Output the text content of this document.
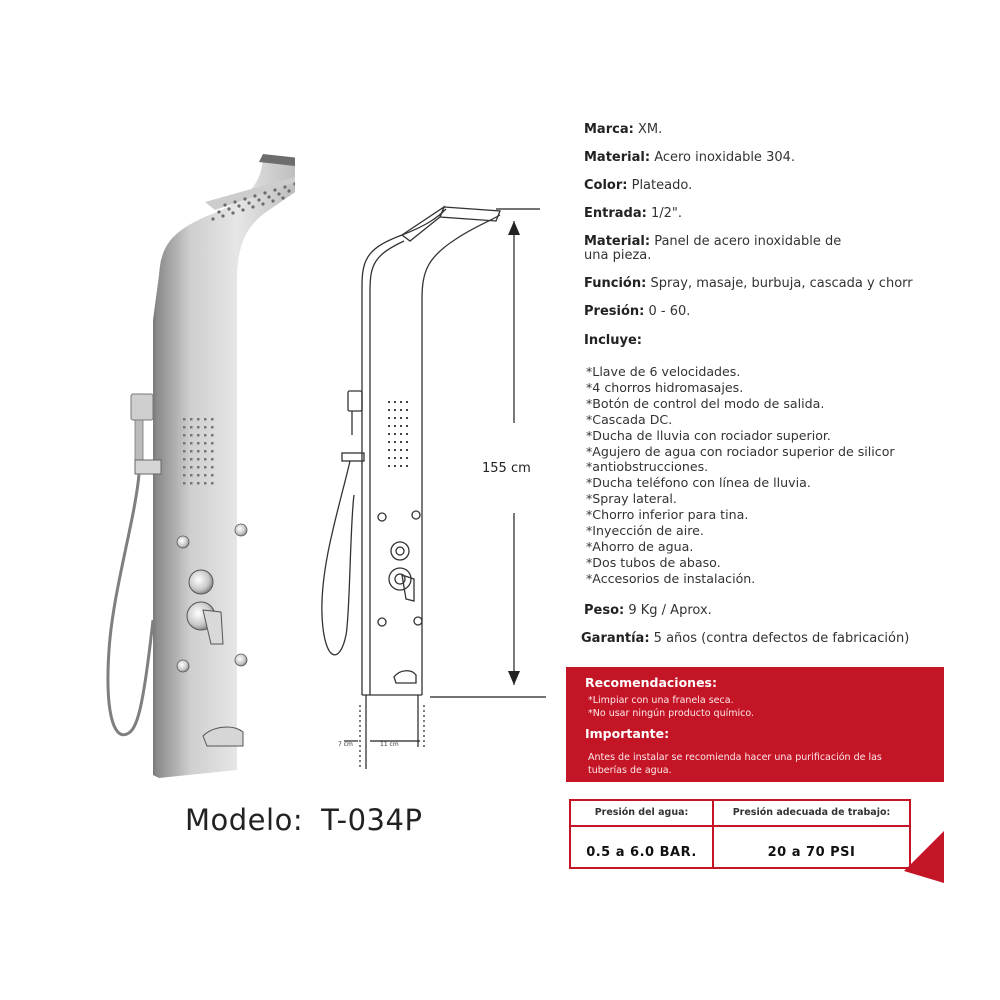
155 cm
7 cm	11 cm
Modelo: T-034P
Marca: XM.
Material: Acero inoxidable 304.
Color: Plateado.
Entrada: 1/2".
Material: Panel de acero inoxidable de una pieza.
Función: Spray, masaje, burbuja, cascada y chorr
Presión: 0 - 60.
Incluye:
* Llave de 6 velocidades.
* 4 chorros hidromasajes.
* Botón de control del modo de salida.
* Cascada DC.
* Ducha de lluvia con rociador superior.
* Agujero de agua con rociador superior de silicor
* antiobstrucciones.
* Ducha teléfono con línea de lluvia.
* Spray lateral.
* Chorro inferior para tina.
* Inyección de aire.
* Ahorro de agua.
* Dos tubos de abaso.
* Accesorios de instalación.
Peso: 9 Kg / Aprox.
Garantía: 5 años (contra defectos de fabricación)
Recomendaciones:
*Limpiar con una franela seca.
*No usar ningún producto químico.
Importante:
Antes de instalar se recomienda hacer una purificación de las tuberías de agua.
Presión del agua:	Presión adecuada de trabajo:
0.5 a 6.0 BAR.	20 a 70 PSI
